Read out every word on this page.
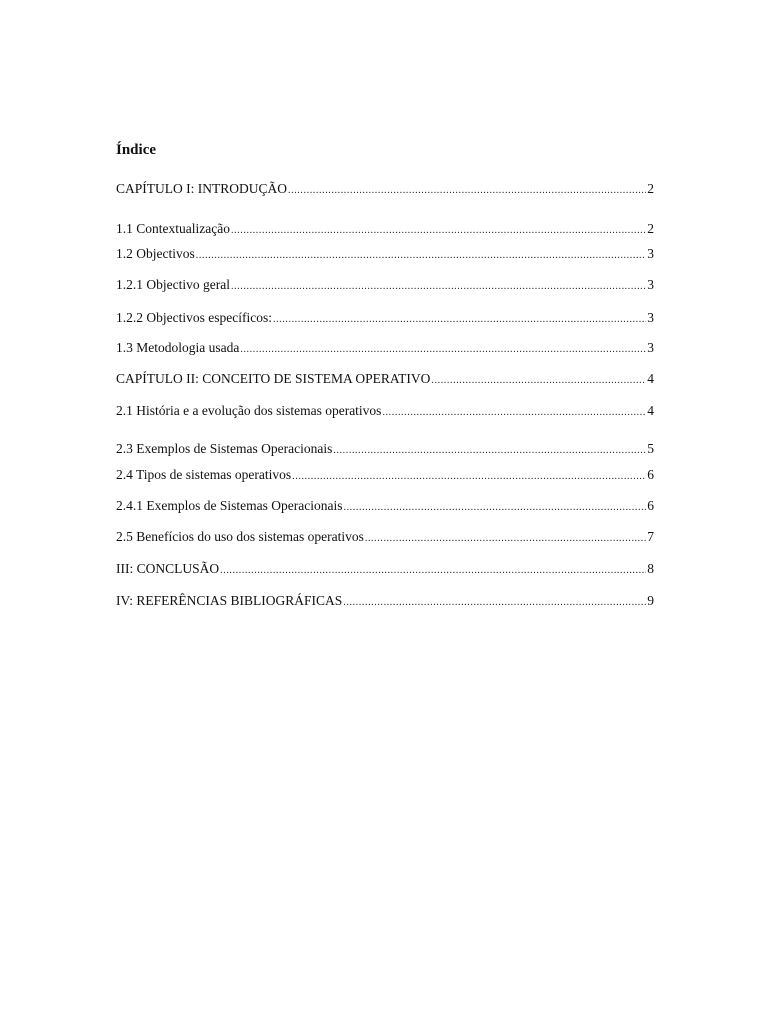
Índice
CAPÍTULO I: INTRODUÇÃO .....	2
1.1 Contextualização .....	2
1.2 Objectivos .....	3
1.2.1 Objectivo geral .....	3
1.2.2 Objectivos específicos: .....	3
1.3 Metodologia usada .....	3
CAPÍTULO II: CONCEITO DE SISTEMA OPERATIVO .....	4
2.1 História e a evolução dos sistemas operativos .....	4
2.3 Exemplos de Sistemas Operacionais .....	5
2.4 Tipos de sistemas operativos .....	6
2.4.1 Exemplos de Sistemas Operacionais .....	6
2.5 Benefícios do uso dos sistemas operativos .....	7
III: CONCLUSÃO .....	8
IV: REFERÊNCIAS BIBLIOGRÁFICAS .....	9
